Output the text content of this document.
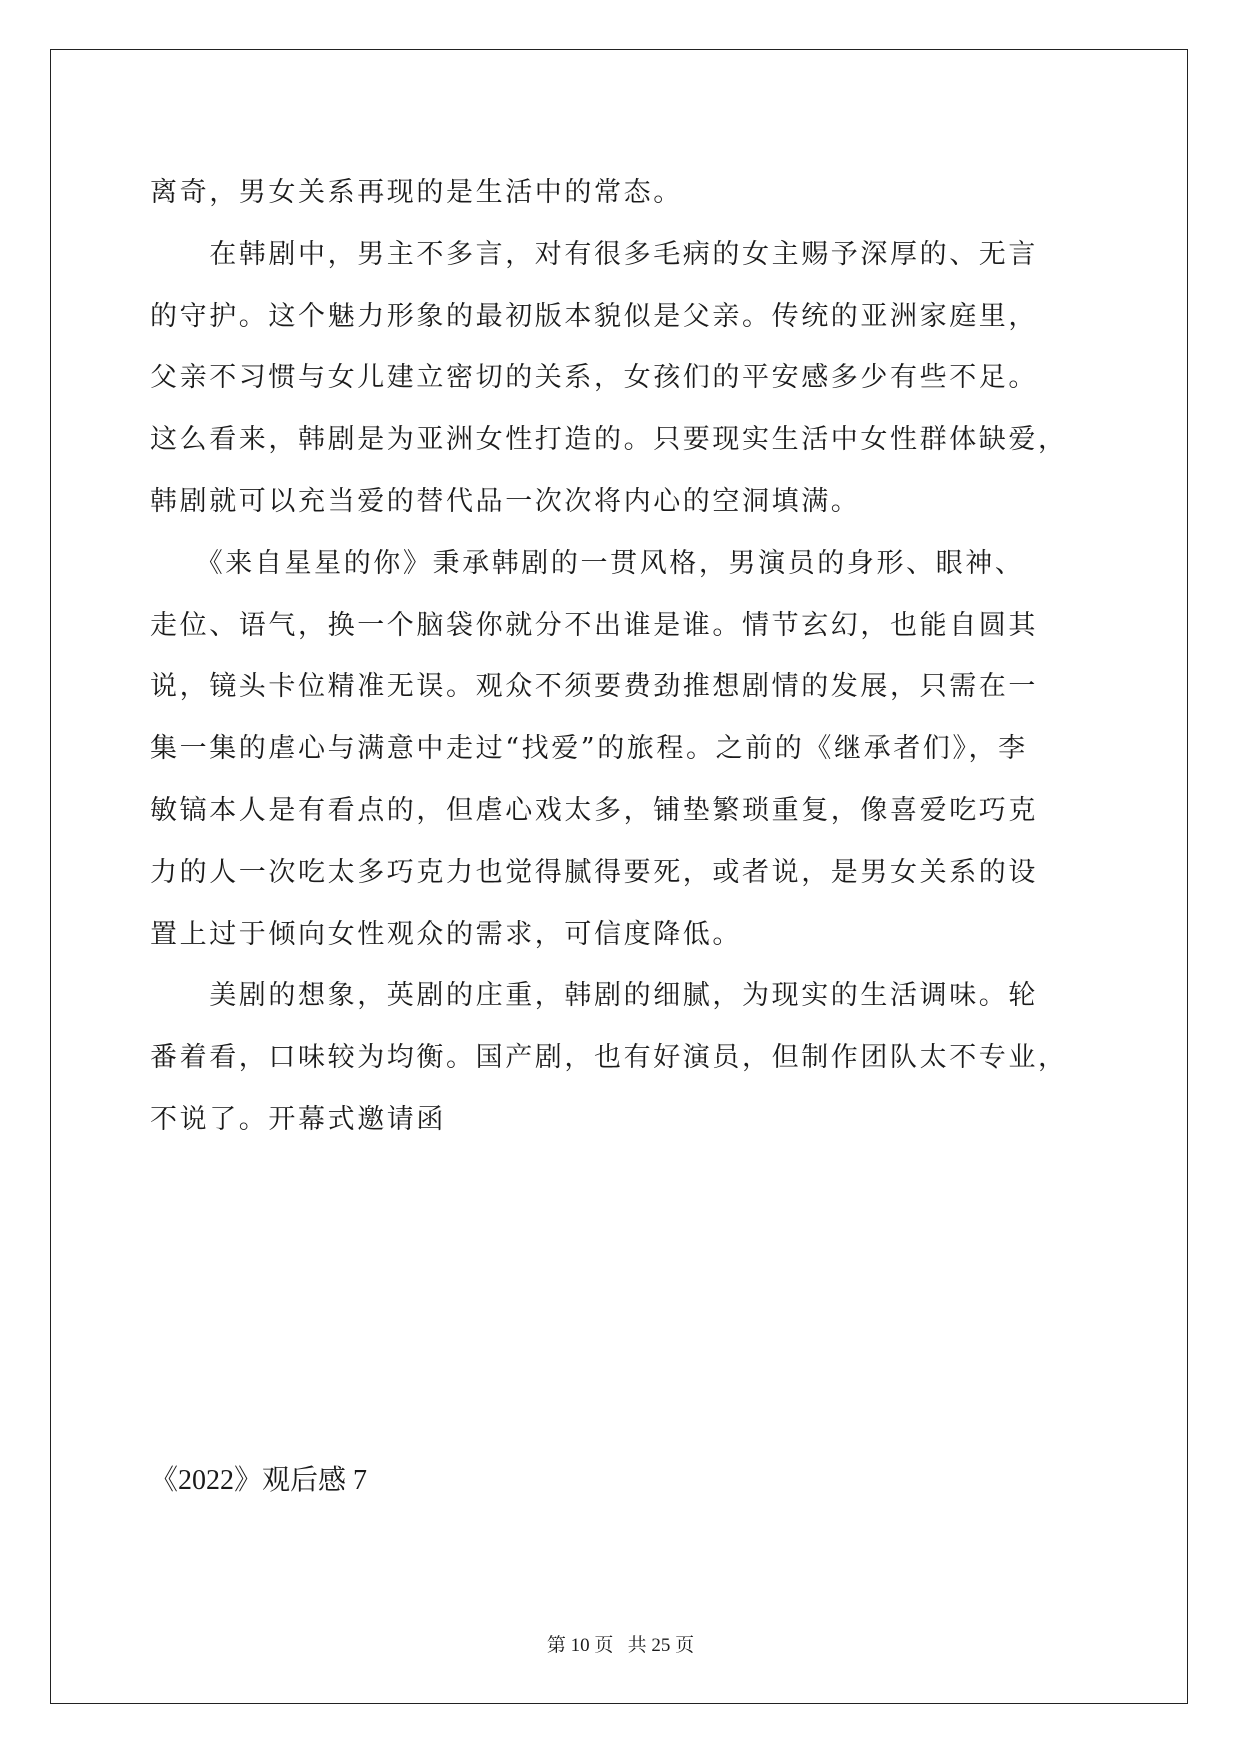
离奇，男女关系再现的是生活中的常态。
　　在韩剧中，男主不多言，对有很多毛病的女主赐予深厚的、无言
的守护。这个魅力形象的最初版本貌似是父亲。传统的亚洲家庭里，
父亲不习惯与女儿建立密切的关系，女孩们的平安感多少有些不足。
这么看来，韩剧是为亚洲女性打造的。只要现实生活中女性群体缺爱，
韩剧就可以充当爱的替代品一次次将内心的空洞填满。
　　《来自星星的你》秉承韩剧的一贯风格，男演员的身形、眼神、
走位、语气，换一个脑袋你就分不出谁是谁。情节玄幻，也能自圆其
说，镜头卡位精准无误。观众不须要费劲推想剧情的发展，只需在一
集一集的虐心与满意中走过“找爱”的旅程。之前的《继承者们》，李
敏镐本人是有看点的，但虐心戏太多，铺垫繁琐重复，像喜爱吃巧克
力的人一次吃太多巧克力也觉得腻得要死，或者说，是男女关系的设
置上过于倾向女性观众的需求，可信度降低。
　　美剧的想象，英剧的庄重，韩剧的细腻，为现实的生活调味。轮
番着看，口味较为均衡。国产剧，也有好演员，但制作团队太不专业，
不说了。开幕式邀请函
《2022》观后感 7
第 10 页 共 25 页
